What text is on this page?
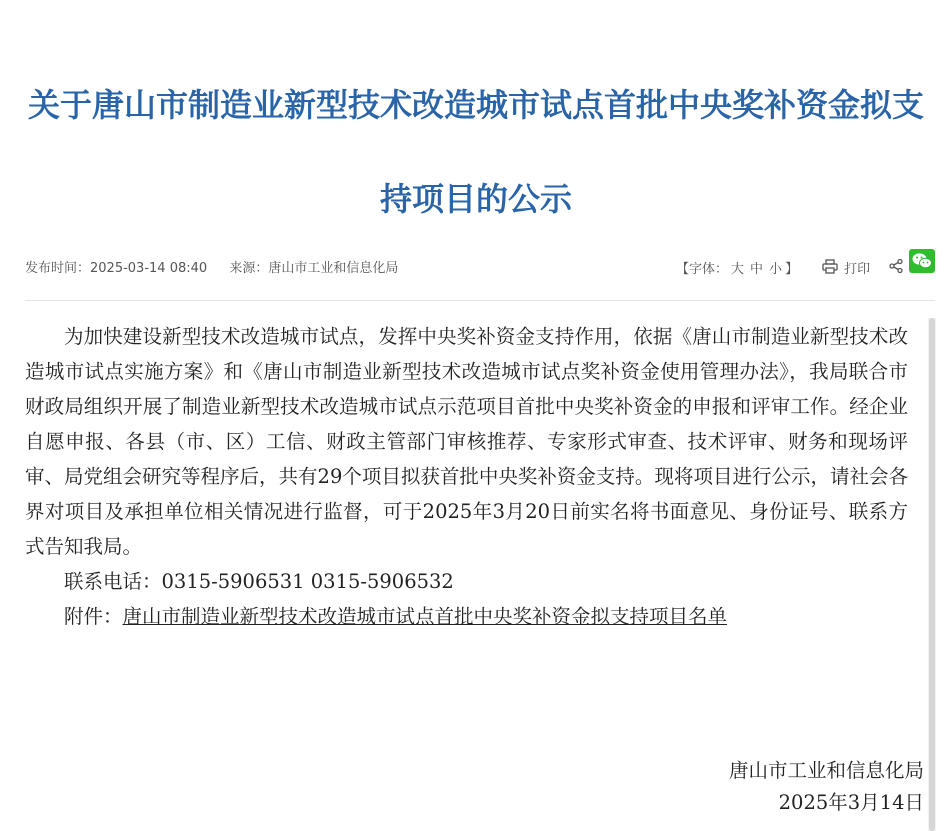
关于唐山市制造业新型技术改造城市试点首批中央奖补资金拟支
持项目的公示
发布时间：2025-03-14 08:40 来源：唐山市工业和信息化局	【字体： 大 中 小 】	打印

为加快建设新型技术改造城市试点，发挥中央奖补资金支持作用，依据《唐山市制造业新型技术改造城市试点实施方案》和《唐山市制造业新型技术改造城市试点奖补资金使用管理办法》，我局联合市财政局组织开展了制造业新型技术改造城市试点示范项目首批中央奖补资金的申报和评审工作。经企业自愿申报、各县（市、区）工信、财政主管部门审核推荐、专家形式审查、技术评审、财务和现场评审、局党组会研究等程序后，共有29个项目拟获首批中央奖补资金支持。现将项目进行公示，请社会各界对项目及承担单位相关情况进行监督，可于2025年3月20日前实名将书面意见、身份证号、联系方式告知我局。

联系电话：0315-5906531 0315-5906532
附件：唐山市制造业新型技术改造城市试点首批中央奖补资金拟支持项目名单
唐山市工业和信息化局
2025年3月14日
